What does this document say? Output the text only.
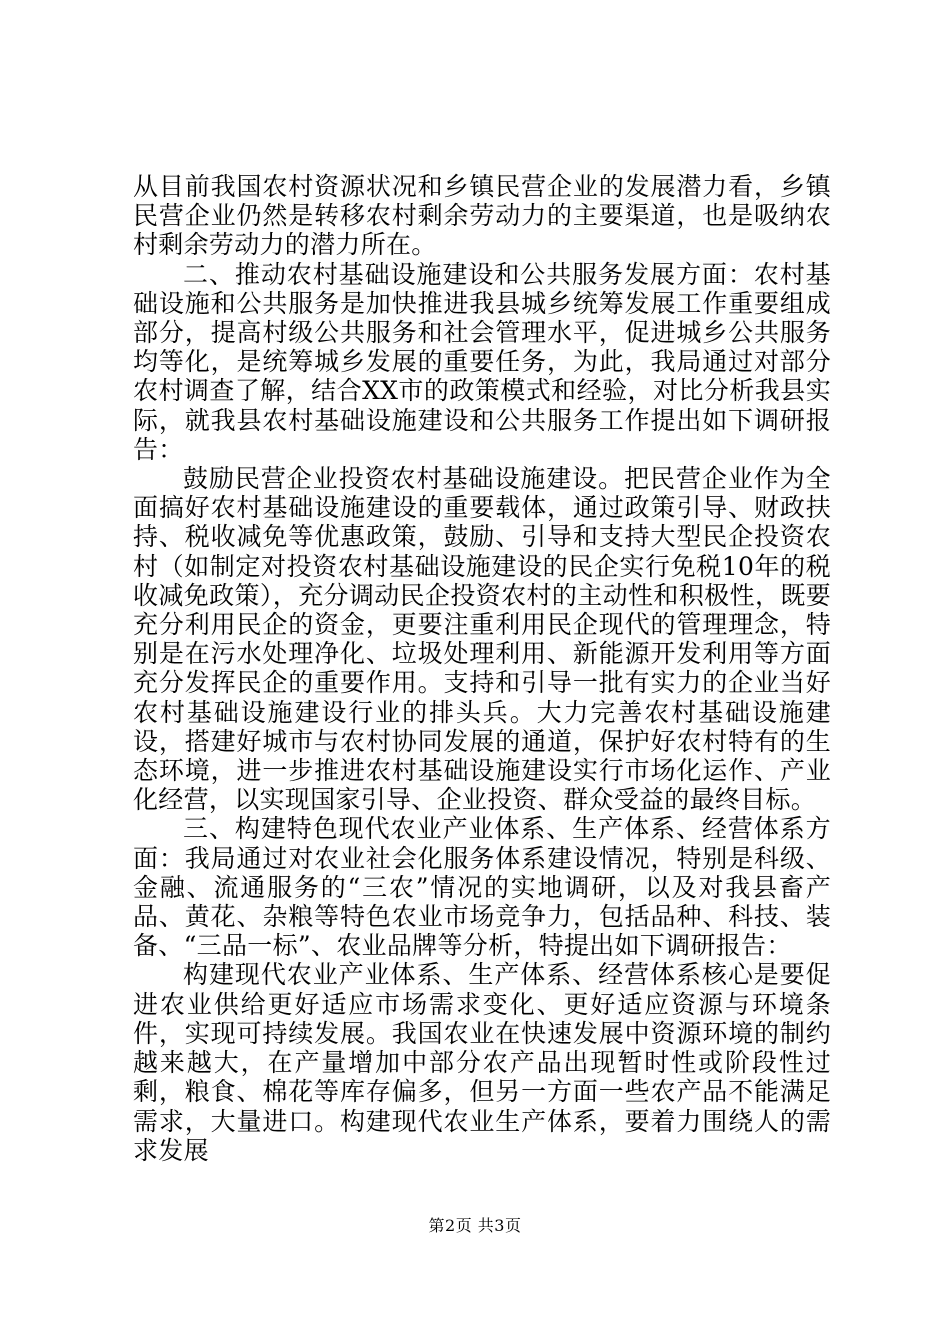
从目前我国农村资源状况和乡镇民营企业的发展潜力看，乡镇民营企业仍然是转移农村剩余劳动力的主要渠道，也是吸纳农村剩余劳动力的潜力所在。

二、推动农村基础设施建设和公共服务发展方面：农村基础设施和公共服务是加快推进我县城乡统筹发展工作重要组成部分，提高村级公共服务和社会管理水平，促进城乡公共服务均等化，是统筹城乡发展的重要任务，为此，我局通过对部分农村调查了解，结合XX市的政策模式和经验，对比分析我县实际，就我县农村基础设施建设和公共服务工作提出如下调研报告：

鼓励民营企业投资农村基础设施建设。把民营企业作为全面搞好农村基础设施建设的重要载体，通过政策引导、财政扶持、税收减免等优惠政策，鼓励、引导和支持大型民企投资农村（如制定对投资农村基础设施建设的民企实行免税10年的税收减免政策），充分调动民企投资农村的主动性和积极性，既要充分利用民企的资金，更要注重利用民企现代的管理理念，特别是在污水处理净化、垃圾处理利用、新能源开发利用等方面充分发挥民企的重要作用。支持和引导一批有实力的企业当好农村基础设施建设行业的排头兵。大力完善农村基础设施建设，搭建好城市与农村协同发展的通道，保护好农村特有的生态环境，进一步推进农村基础设施建设实行市场化运作、产业化经营，以实现国家引导、企业投资、群众受益的最终目标。

三、构建特色现代农业产业体系、生产体系、经营体系方面：我局通过对农业社会化服务体系建设情况，特别是科级、金融、流通服务的“三农”情况的实地调研，以及对我县畜产品、黄花、杂粮等特色农业市场竞争力，包括品种、科技、装备、“三品一标”、农业品牌等分析，特提出如下调研报告：

构建现代农业产业体系、生产体系、经营体系核心是要促进农业供给更好适应市场需求变化、更好适应资源与环境条件，实现可持续发展。我国农业在快速发展中资源环境的制约越来越大，在产量增加中部分农产品出现暂时性或阶段性过剩，粮食、棉花等库存偏多，但另一方面一些农产品不能满足需求，大量进口。构建现代农业生产体系，要着力围绕人的需求发展

第2页 共3页
